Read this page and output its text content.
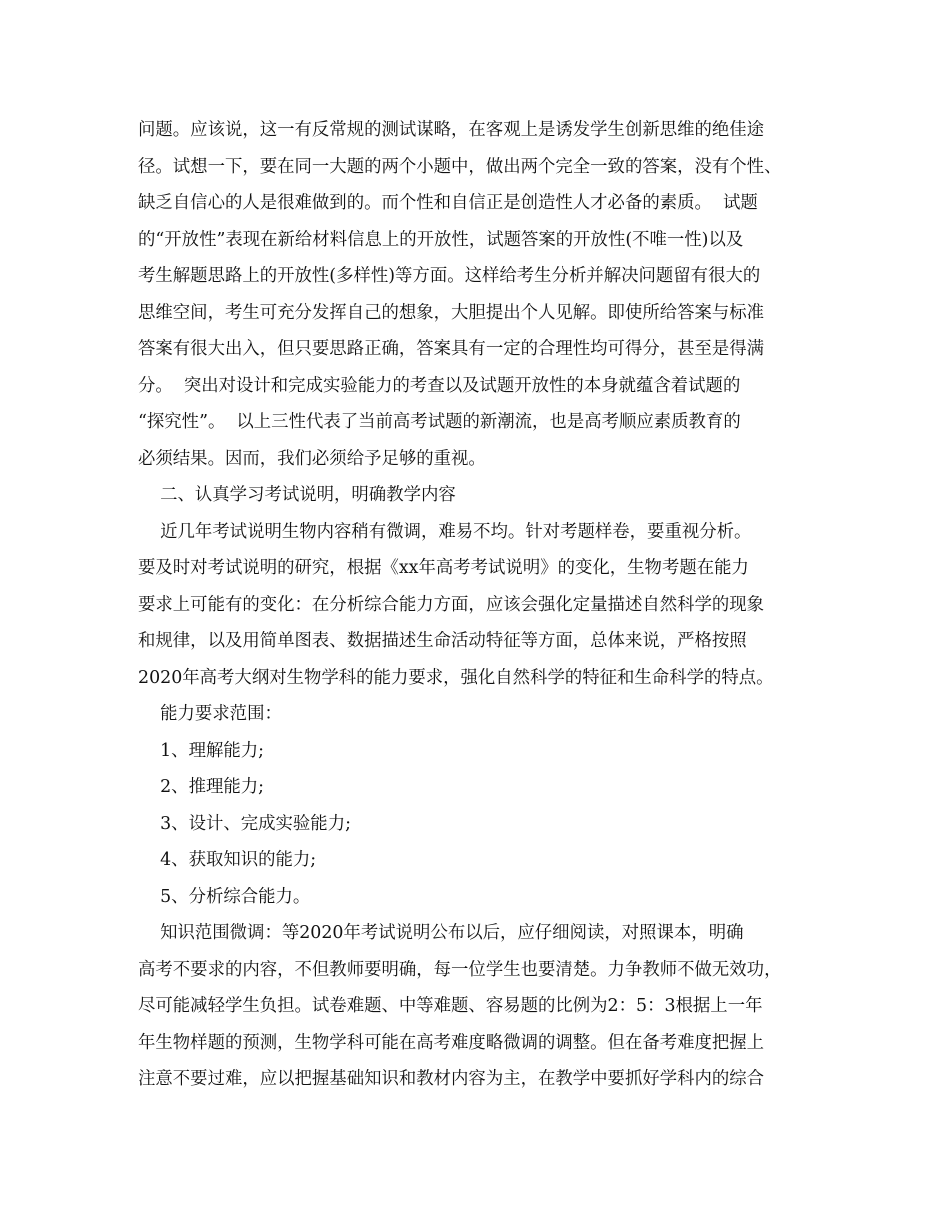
问题。应该说，这一有反常规的测试谋略，在客观上是诱发学生创新思维的绝佳途
径。试想一下，要在同一大题的两个小题中，做出两个完全一致的答案，没有个性、
缺乏自信心的人是很难做到的。而个性和自信正是创造性人才必备的素质。  试题
的“开放性”表现在新给材料信息上的开放性，试题答案的开放性(不唯一性)以及
考生解题思路上的开放性(多样性)等方面。这样给考生分析并解决问题留有很大的
思维空间，考生可充分发挥自己的想象，大胆提出个人见解。即使所给答案与标准
答案有很大出入，但只要思路正确，答案具有一定的合理性均可得分，甚至是得满
分。  突出对设计和完成实验能力的考查以及试题开放性的本身就蕴含着试题的
“探究性”。  以上三性代表了当前高考试题的新潮流，也是高考顺应素质教育的
必须结果。因而，我们必须给予足够的重视。
二、认真学习考试说明，明确教学内容
近几年考试说明生物内容稍有微调，难易不均。针对考题样卷，要重视分析。
要及时对考试说明的研究，根据《xx年高考考试说明》的变化，生物考题在能力
要求上可能有的变化：在分析综合能力方面，应该会强化定量描述自然科学的现象
和规律，以及用简单图表、数据描述生命活动特征等方面，总体来说，严格按照
2020年高考大纲对生物学科的能力要求，强化自然科学的特征和生命科学的特点。
能力要求范围：
1、理解能力;
2、推理能力;
3、设计、完成实验能力;
4、获取知识的能力;
5、分析综合能力。
知识范围微调：等2020年考试说明公布以后，应仔细阅读，对照课本，明确
高考不要求的内容，不但教师要明确，每一位学生也要清楚。力争教师不做无效功，
尽可能减轻学生负担。试卷难题、中等难题、容易题的比例为2：5：3根据上一年
年生物样题的预测，生物学科可能在高考难度略微调的调整。但在备考难度把握上
注意不要过难，应以把握基础知识和教材内容为主，在教学中要抓好学科内的综合
